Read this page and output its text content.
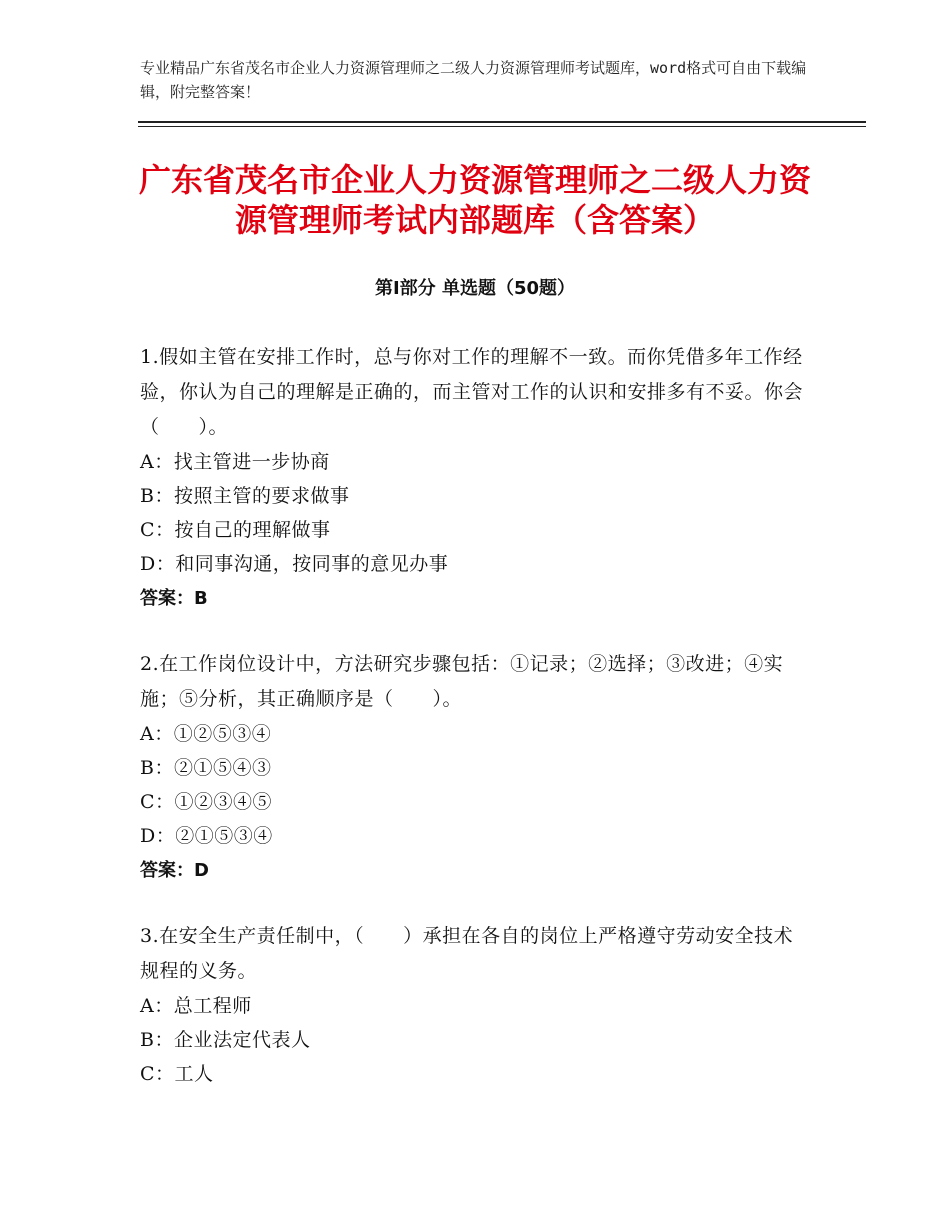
专业精品广东省茂名市企业人力资源管理师之二级人力资源管理师考试题库，word格式可自由下载编辑，附完整答案！
广东省茂名市企业人力资源管理师之二级人力资源管理师考试内部题库（含答案）
第Ⅰ部分 单选题（50题）

1.假如主管在安排工作时，总与你对工作的理解不一致。而你凭借多年工作经验，你认为自己的理解是正确的，而主管对工作的认识和安排多有不妥。你会（　　）。

A：找主管进一步协商

B：按照主管的要求做事

C：按自己的理解做事

D：和同事沟通，按同事的意见办事

答案：B

2.在工作岗位设计中，方法研究步骤包括：①记录；②选择；③改进；④实施；⑤分析，其正确顺序是（　　）。

A：①②⑤③④

B：②①⑤④③

C：①②③④⑤

D：②①⑤③④

答案：D

3.在安全生产责任制中，（　　）承担在各自的岗位上严格遵守劳动安全技术规程的义务。

A：总工程师

B：企业法定代表人

C：工人
